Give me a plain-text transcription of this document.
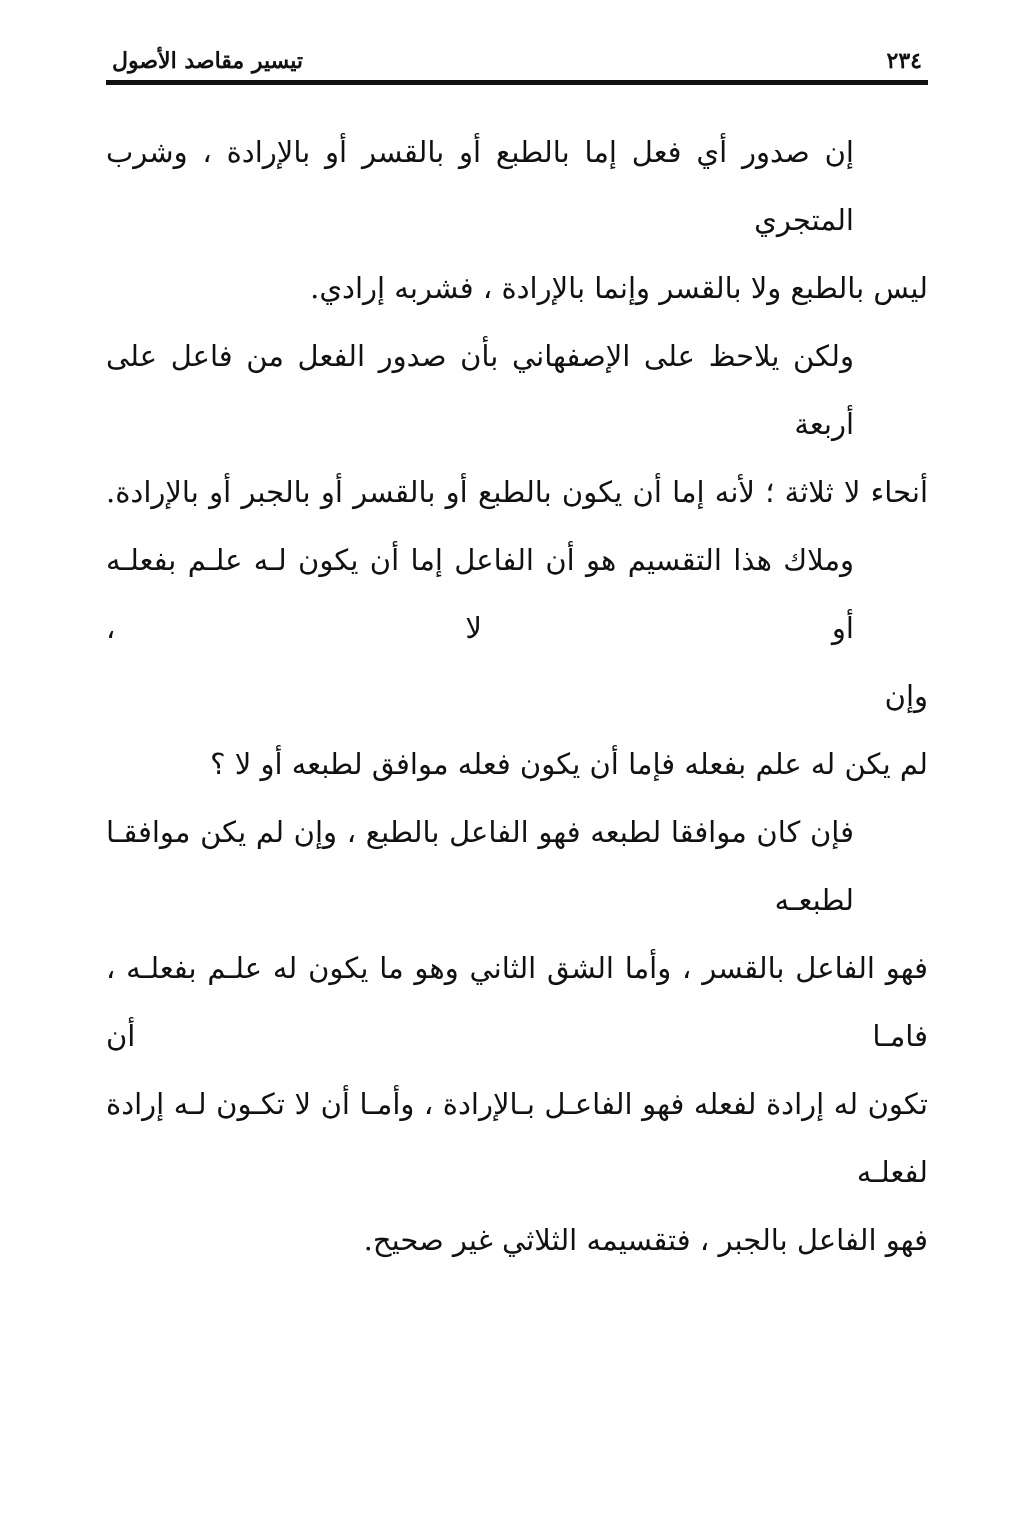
٢٣٤
تيسير مقاصد الأصول
إن صدور أي فعل إما بالطبع أو بالقسر أو بالإرادة ، وشرب المتجري
ليس بالطبع ولا بالقسر وإنما بالإرادة ، فشربه إرادي.
ولكن يلاحظ على الإصفهاني بأن صدور الفعل من فاعل على أربعة
أنحاء لا ثلاثة ؛ لأنه إما أن يكون بالطبع أو بالقسر أو بالجبر أو بالإرادة.
وملاك هذا التقسيم هو أن الفاعل إما أن يكون لـه علـم بفعلـه أو لا ،
وإن
لم يكن له علم بفعله فإما أن يكون فعله موافق لطبعه أو لا ؟
فإن كان موافقا لطبعه فهو الفاعل بالطبع ، وإن لم يكن موافقـا لطبعـه
فهو الفاعل بالقسر ، وأما الشق الثاني وهو ما يكون له علـم بفعلـه ، فامـا أن
تكون له إرادة لفعله فهو الفاعـل بـالإرادة ، وأمـا أن لا تكـون لـه إرادة لفعلـه
فهو الفاعل بالجبر ، فتقسيمه الثلاثي غير صحيح.
